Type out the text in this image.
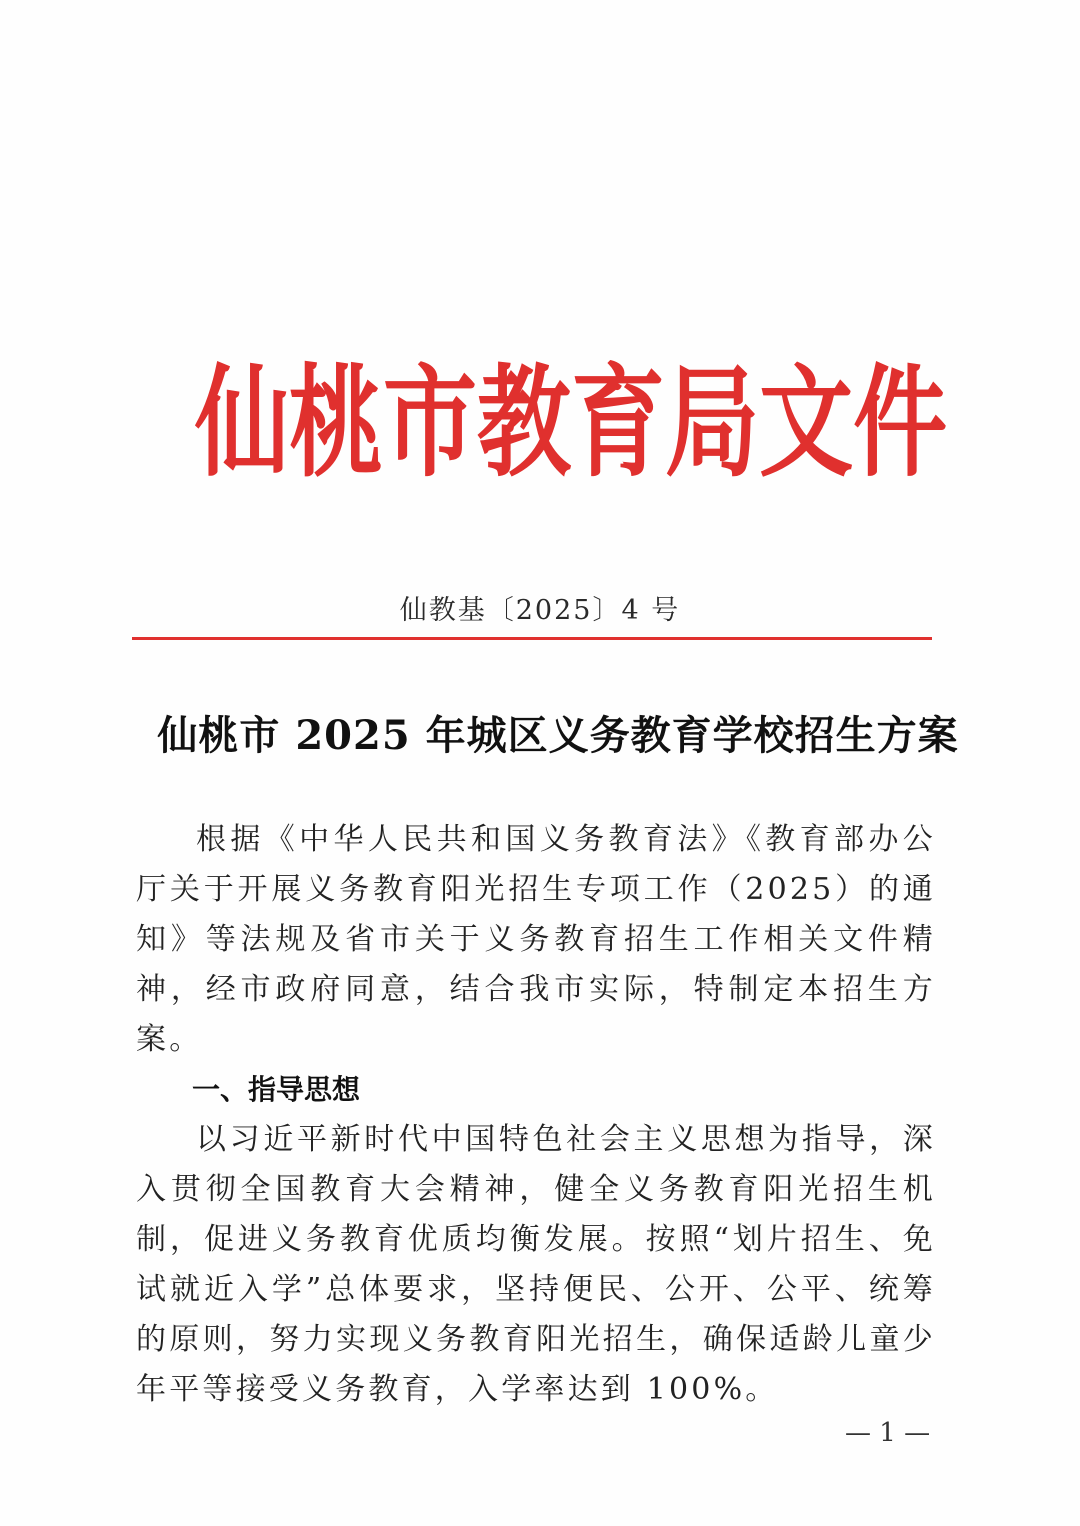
仙 桃 市 教 育 局 文 件
仙教基〔2025〕4 号
仙桃市 2025 年城区义务教育学校招生方案

根据《中华人民共和国义务教育法》《教育部办公厅关于开展义务教育阳光招生专项工作（2025）的通知》等法规及省市关于义务教育招生工作相关文件精神，经市政府同意，结合我市实际，特制定本招生方案。

一、指导思想

以习近平新时代中国特色社会主义思想为指导，深入贯彻全国教育大会精神，健全义务教育阳光招生机制，促进义务教育优质均衡发展。按照“划片招生、免试就近入学”总体要求，坚持便民、公开、公平、统筹的原则，努力实现义务教育阳光招生，确保适龄儿童少年平等接受义务教育，入学率达到 100%。

— 1 —
